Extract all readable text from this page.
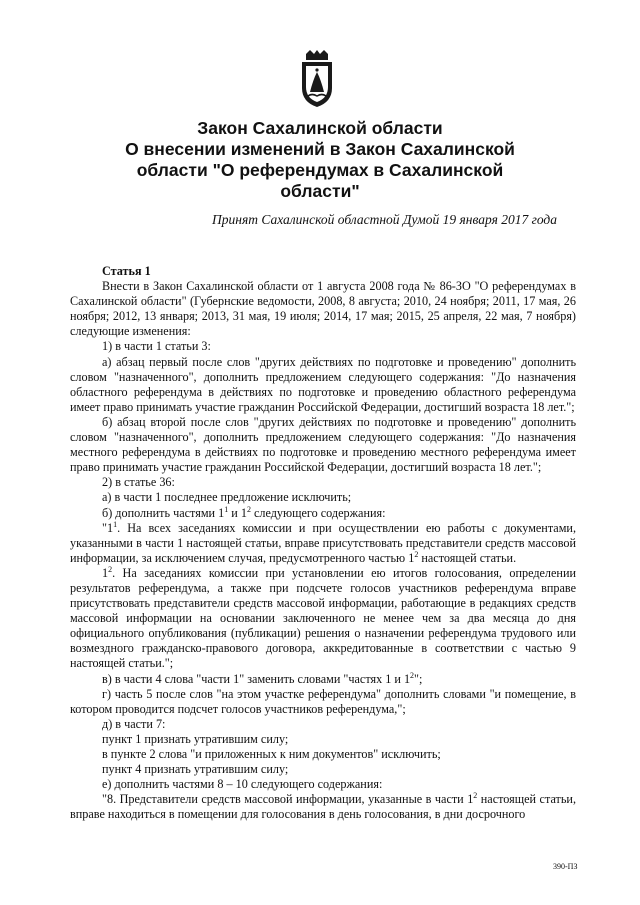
Закон Сахалинской области
О внесении изменений в Закон Сахалинской
области "О референдумах в Сахалинской
области"
Принят Сахалинской областной Думой 19 января 2017 года

Статья 1

Внести в Закон Сахалинской области от 1 августа 2008 года № 86-ЗО "О референдумах в Сахалинской области" (Губернские ведомости, 2008, 8 августа; 2010, 24 ноября; 2011, 17 мая, 26 ноября; 2012, 13 января; 2013, 31 мая, 19 июля; 2014, 17 мая; 2015, 25 апреля, 22 мая, 7 ноября) следующие изменения:

1) в части 1 статьи 3:

а) абзац первый после слов "других действиях по подготовке и проведению" дополнить словом "назначенного", дополнить предложением следующего содержания: "До назначения областного референдума в действиях по подготовке и проведению областного референдума имеет право принимать участие гражданин Российской Федерации, достигший возраста 18 лет.";

б) абзац второй после слов "других действиях по подготовке и проведению" дополнить словом "назначенного", дополнить предложением следующего содержания: "До назначения местного референдума в действиях по подготовке и проведению местного референдума имеет право принимать участие гражданин Российской Федерации, достигший возраста 18 лет.";

2) в статье 36:

а) в части 1 последнее предложение исключить;

б) дополнить частями $1^1$ и $1^2$ следующего содержания:

"$1^1$. На всех заседаниях комиссии и при осуществлении ею работы с документами, указанными в части 1 настоящей статьи, вправе присутствовать представители средств массовой информации, за исключением случая, предусмотренного частью $1^2$ настоящей статьи.

$1^2$. На заседаниях комиссии при установлении ею итогов голосования, определении результатов референдума, а также при подсчете голосов участников референдума вправе присутствовать представители средств массовой информации, работающие в редакциях средств массовой информации на основании заключенного не менее чем за два месяца до дня официального опубликования (публикации) решения о назначении референдума трудового или возмездного гражданско-правового договора, аккредитованные в соответствии с частью 9 настоящей статьи.";

в) в части 4 слова "части 1" заменить словами "частях 1 и $1^2$";

г) часть 5 после слов "на этом участке референдума" дополнить словами "и помещение, в котором проводится подсчет голосов участников референдума,";

д) в части 7:

пункт 1 признать утратившим силу;

в пункте 2 слова "и приложенных к ним документов" исключить;

пункт 4 признать утратившим силу;

е) дополнить частями 8 – 10 следующего содержания:

"8. Представители средств массовой информации, указанные в части $1^2$ настоящей статьи, вправе находиться в помещении для голосования в день голосования, в дни досрочного

390-ПЗ
